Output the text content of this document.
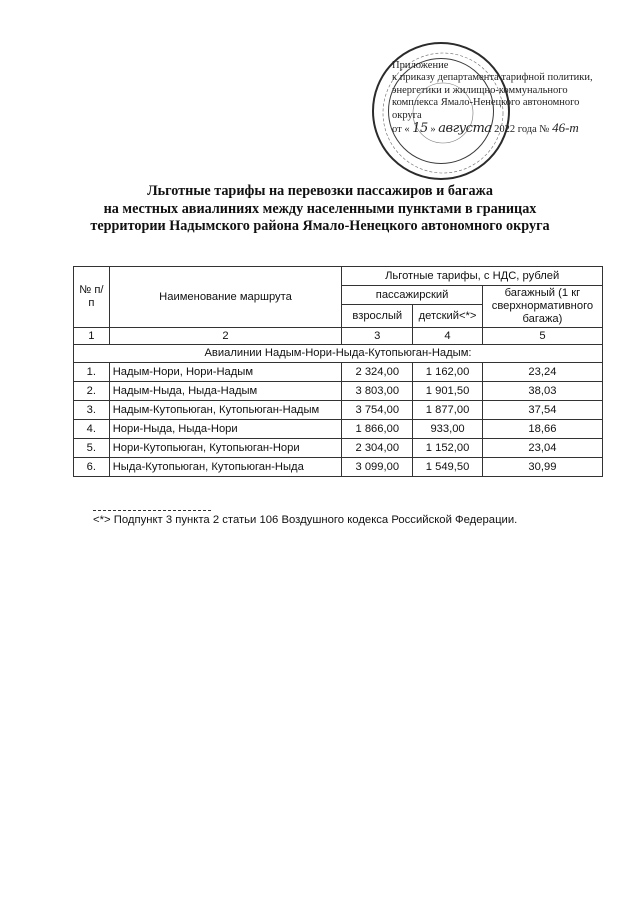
Приложение
к приказу департамента тарифной политики,
энергетики и жилищно-коммунального
комплекса Ямало-Ненецкого автономного
округа
от « 15 » августа 2022 года № 46-т
Льготные тарифы на перевозки пассажиров и багажа
на местных авиалиниях между населенными пунктами в границах
территории Надымского района Ямало-Ненецкого автономного округа
№ п/п	Наименование маршрута	Льготные тарифы, с НДС, рублей		
		пассажирский		багажный (1 кг сверхнормативного багажа)
		взрослый	детский<*>	
1	2	3	4	5
Авиалинии Надым-Нори-Ныда-Кутопьюган-Надым:				
1.	Надым-Нори, Нори-Надым	2 324,00	1 162,00	23,24
2.	Надым-Ныда, Ныда-Надым	3 803,00	1 901,50	38,03
3.	Надым-Кутопьюган, Кутопьюган-Надым	3 754,00	1 877,00	37,54
4.	Нори-Ныда, Ныда-Нори	1 866,00	933,00	18,66
5.	Нори-Кутопьюган, Кутопьюган-Нори	2 304,00	1 152,00	23,04
6.	Ныда-Кутопьюган, Кутопьюган-Ныда	3 099,00	1 549,50	30,99
<*> Подпункт 3 пункта 2 статьи 106 Воздушного кодекса Российской Федерации.
